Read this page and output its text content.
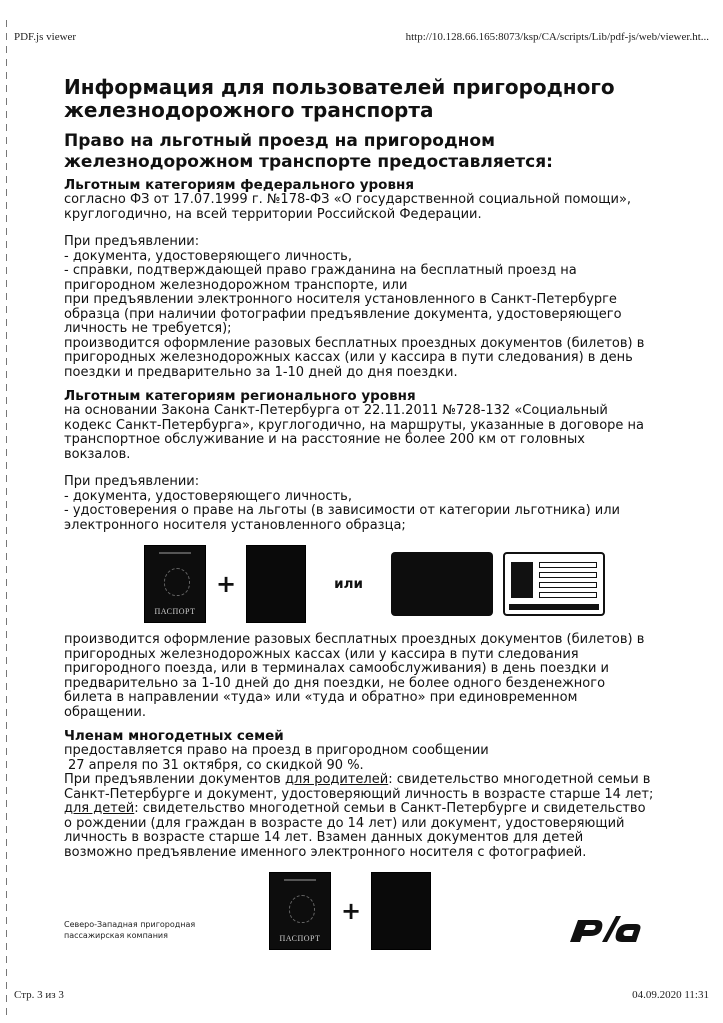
PDF.js viewer	http://10.128.66.165:8073/ksp/CA/scripts/Lib/pdf-js/web/viewer.ht...

Информация для пользователей пригородного железнодорожного транспорта

Право на льготный проезд на пригородном железнодорожном транспорте предоставляется:

Льготным категориям федерального уровня

согласно ФЗ от 17.07.1999 г. №178-ФЗ «О государственной социальной помощи», круглогодично, на всей территории Российской Федерации.

При предъявлении:

- документа, удостоверяющего личность,

- справки, подтверждающей право гражданина на бесплатный проезд на пригородном железнодорожном транспорте, или

при предъявлении электронного носителя установленного в Санкт-Петербурге образца (при наличии фотографии предъявление документа, удостоверяющего личность не требуется);

производится оформление разовых бесплатных проездных документов (билетов) в пригородных железнодорожных кассах (или у кассира в пути следования) в день поездки и предварительно за 1-10 дней до дня поездки.

Льготным категориям регионального уровня

на основании Закона Санкт-Петербурга от 22.11.2011 №728-132 «Социальный кодекс Санкт-Петербурга», круглогодично, на маршруты, указанные в договоре на транспортное обслуживание и на расстояние не более 200 км от головных вокзалов.

При предъявлении:

- документа, удостоверяющего личность,

- удостоверения о праве на льготы (в зависимости от категории льготника) или электронного носителя установленного образца;

ПАСПОРТ
+	или

производится оформление разовых бесплатных проездных документов (билетов) в пригородных железнодорожных кассах (или у кассира в пути следования пригородного поезда, или в терминалах самообслуживания) в день поездки и предварительно за 1-10 дней до дня поездки, не более одного безденежного билета в направлении «туда» или «туда и обратно» при единовременном обращении.

Членам многодетных семей

предоставляется право на проезд в пригородном сообщении

27 апреля по 31 октября, со скидкой 90 %.

При предъявлении документов для родителей: свидетельство многодетной семьи в Санкт-Петербурге и документ, удостоверяющий личность в возрасте старше 14 лет;

для детей: свидетельство многодетной семьи в Санкт-Петербурге и свидетельство о рождении (для граждан в возрасте до 14 лет) или документ, удостоверяющий личность в возрасте старше 14 лет. Взамен данных документов для детей возможно предъявление именного электронного носителя с фотографией.

ПАСПОРТ
+
Северо-Западная пригородная
пассажирская компания
Стр. 3 из 3	04.09.2020 11:31
